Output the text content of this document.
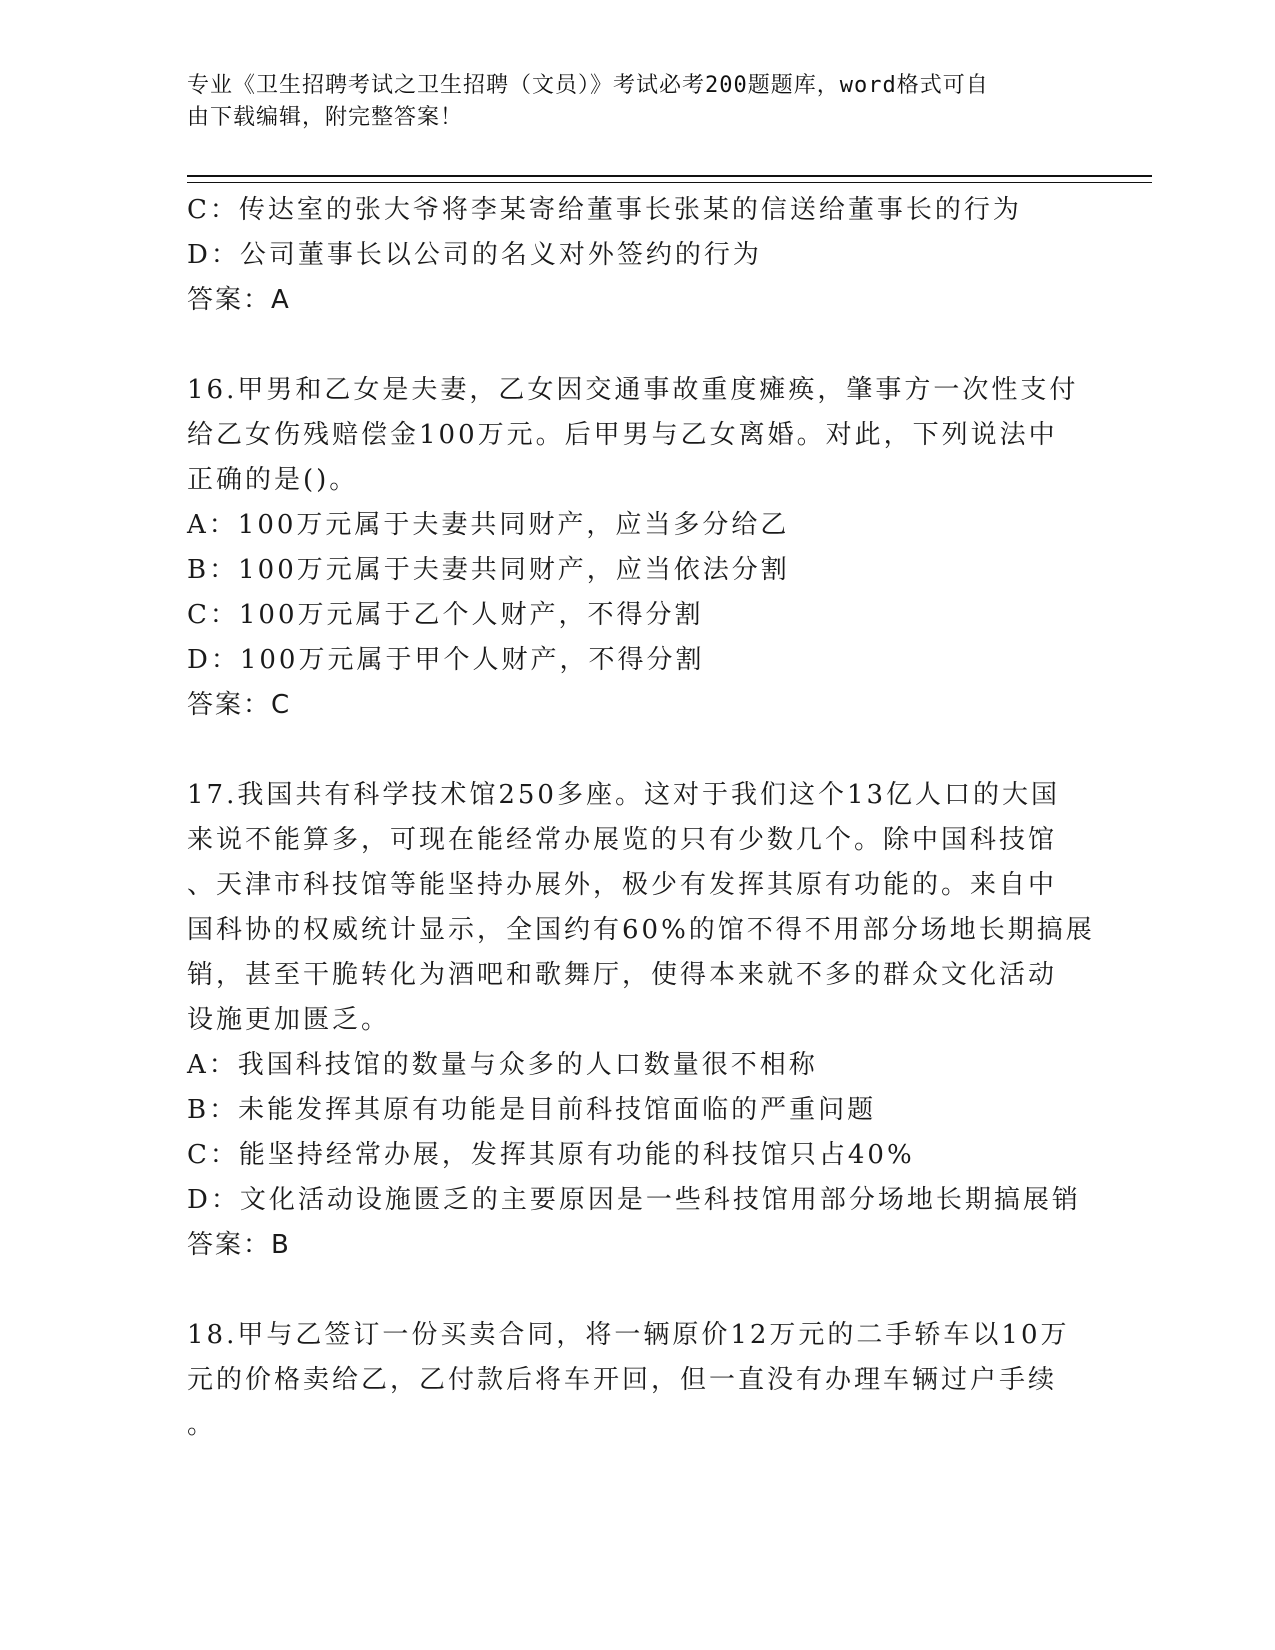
专业《卫生招聘考试之卫生招聘（文员）》考试必考200题题库，word格式可自
由下载编辑，附完整答案！
C：传达室的张大爷将李某寄给董事长张某的信送给董事长的行为
D：公司董事长以公司的名义对外签约的行为
答案：A
16.甲男和乙女是夫妻，乙女因交通事故重度瘫痪，肇事方一次性支付
给乙女伤残赔偿金100万元。后甲男与乙女离婚。对此，下列说法中
正确的是()。
A：100万元属于夫妻共同财产，应当多分给乙
B：100万元属于夫妻共同财产，应当依法分割
C：100万元属于乙个人财产，不得分割
D：100万元属于甲个人财产，不得分割
答案：C
17.我国共有科学技术馆250多座。这对于我们这个13亿人口的大国
来说不能算多，可现在能经常办展览的只有少数几个。除中国科技馆
、天津市科技馆等能坚持办展外，极少有发挥其原有功能的。来自中
国科协的权威统计显示，全国约有60%的馆不得不用部分场地长期搞展
销，甚至干脆转化为酒吧和歌舞厅，使得本来就不多的群众文化活动
设施更加匮乏。
A：我国科技馆的数量与众多的人口数量很不相称
B：未能发挥其原有功能是目前科技馆面临的严重问题
C：能坚持经常办展，发挥其原有功能的科技馆只占40%
D：文化活动设施匮乏的主要原因是一些科技馆用部分场地长期搞展销
答案：B
18.甲与乙签订一份买卖合同，将一辆原价12万元的二手轿车以10万
元的价格卖给乙，乙付款后将车开回，但一直没有办理车辆过户手续
。
